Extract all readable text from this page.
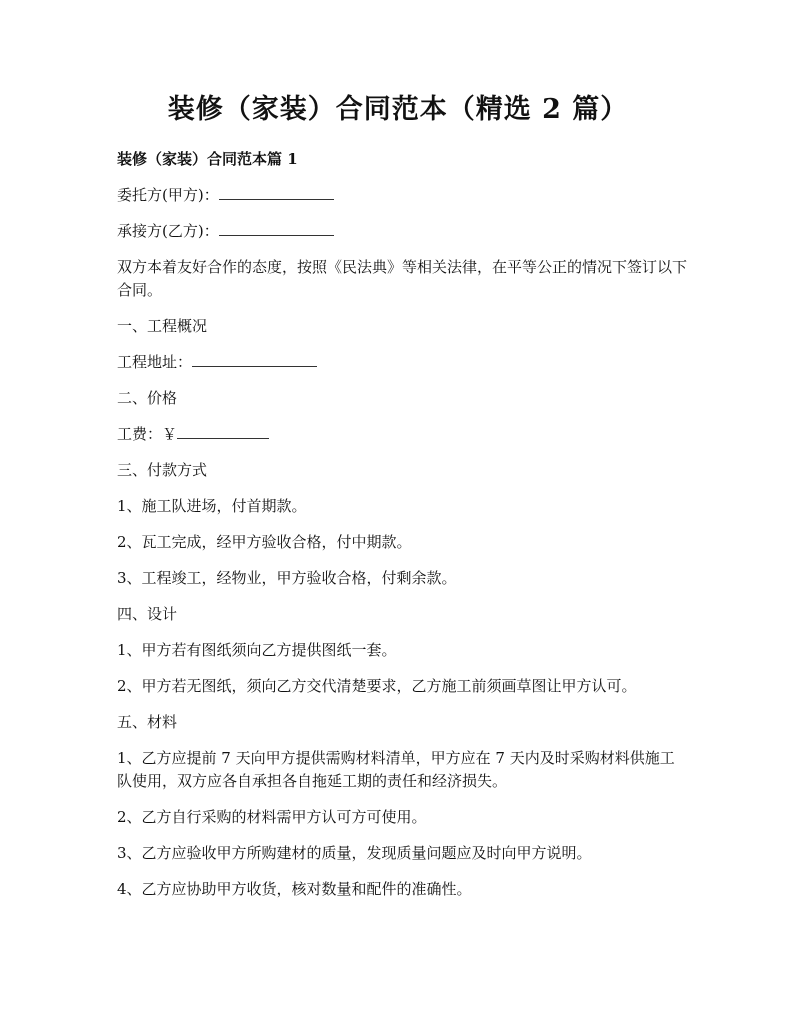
装修（家装）合同范本（精选 2 篇）

装修（家装）合同范本篇 1

委托方(甲方)：

承接方(乙方)：

双方本着友好合作的态度，按照《民法典》等相关法律，在平等公正的情况下签订以下合同。

一、工程概况

工程地址：

二、价格

工费：￥

三、付款方式

1、施工队进场，付首期款。

2、瓦工完成，经甲方验收合格，付中期款。

3、工程竣工，经物业，甲方验收合格，付剩余款。

四、设计

1、甲方若有图纸须向乙方提供图纸一套。

2、甲方若无图纸，须向乙方交代清楚要求，乙方施工前须画草图让甲方认可。

五、材料

1、乙方应提前 7 天向甲方提供需购材料清单，甲方应在 7 天内及时采购材料供施工队使用，双方应各自承担各自拖延工期的责任和经济损失。

2、乙方自行采购的材料需甲方认可方可使用。

3、乙方应验收甲方所购建材的质量，发现质量问题应及时向甲方说明。

4、乙方应协助甲方收货，核对数量和配件的准确性。
